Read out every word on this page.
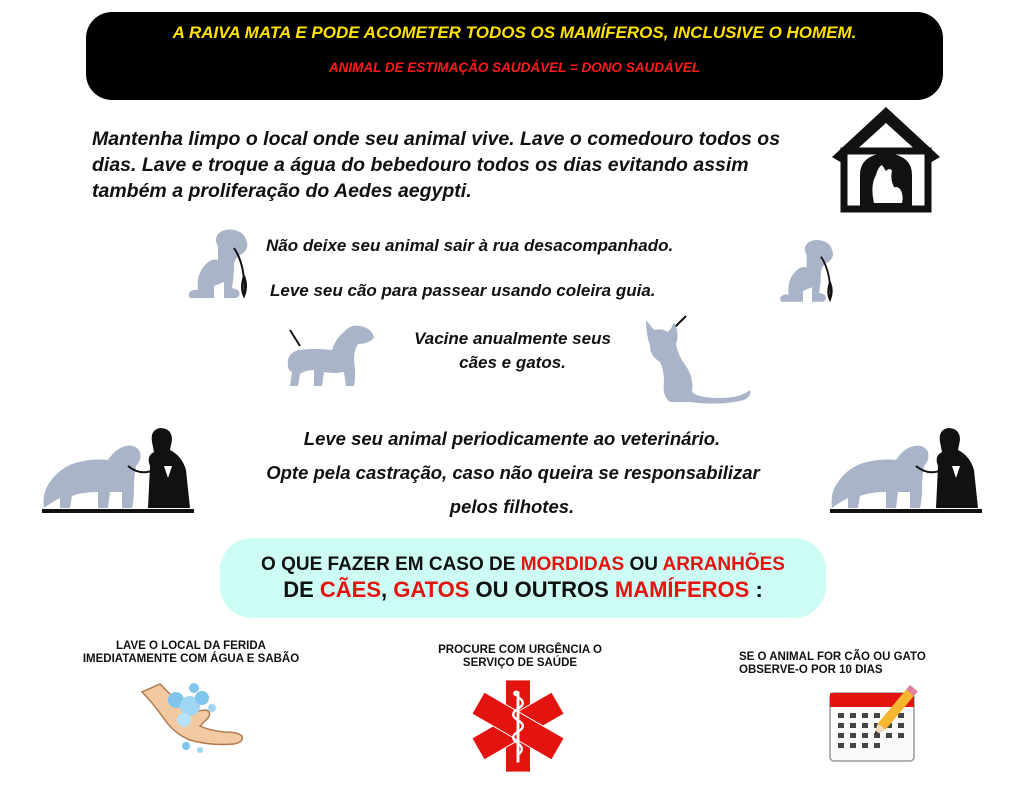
A RAIVA MATA E PODE ACOMETER TODOS OS MAMÍFEROS, INCLUSIVE O HOMEM.
ANIMAL DE ESTIMAÇÃO SAUDÁVEL = DONO SAUDÁVEL
Mantenha limpo o local onde seu animal vive. Lave o comedouro todos os dias. Lave e troque a água do bebedouro todos os dias evitando assim também a proliferação do Aedes aegypti.
Não deixe seu animal sair à rua desacompanhado.
Leve seu cão para passear usando coleira guia.
Vacine anualmente seus
cães e gatos.
Leve seu animal periodicamente ao veterinário.
Opte pela castração, caso não queira se responsabilizar
pelos filhotes.
O QUE FAZER EM CASO DE MORDIDAS OU ARRANHÕES
DE CÃES, GATOS OU OUTROS MAMÍFEROS :
LAVE O LOCAL DA FERIDA
IMEDIATAMENTE COM ÁGUA E SABÃO
PROCURE COM URGÊNCIA O
SERVIÇO DE SAÚDE	SE O ANIMAL FOR CÃO OU GATO
OBSERVE-O POR 10 DIAS
